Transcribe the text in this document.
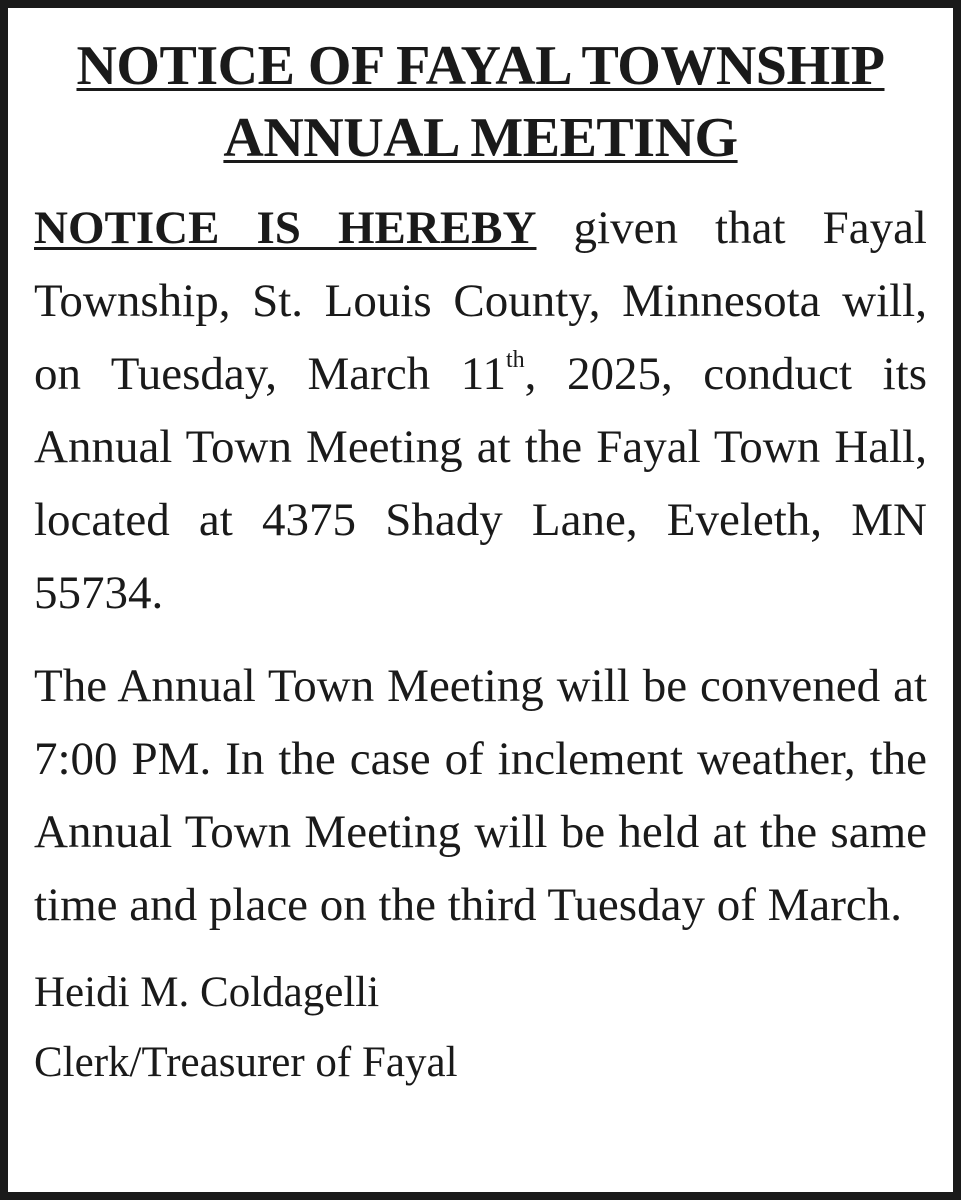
NOTICE OF FAYAL TOWNSHIP
ANNUAL MEETING

NOTICE IS HEREBY given that Fayal Township, St. Louis County, Minnesota will, on Tuesday, March 11th, 2025, conduct its Annual Town Meeting at the Fayal Town Hall, located at 4375 Shady Lane, Eveleth, MN 55734.

The Annual Town Meeting will be convened at 7:00 PM. In the case of inclement weather, the Annual Town Meeting will be held at the same time and place on the third Tuesday of March.

Heidi M. Coldagelli

Clerk/Treasurer of Fayal
